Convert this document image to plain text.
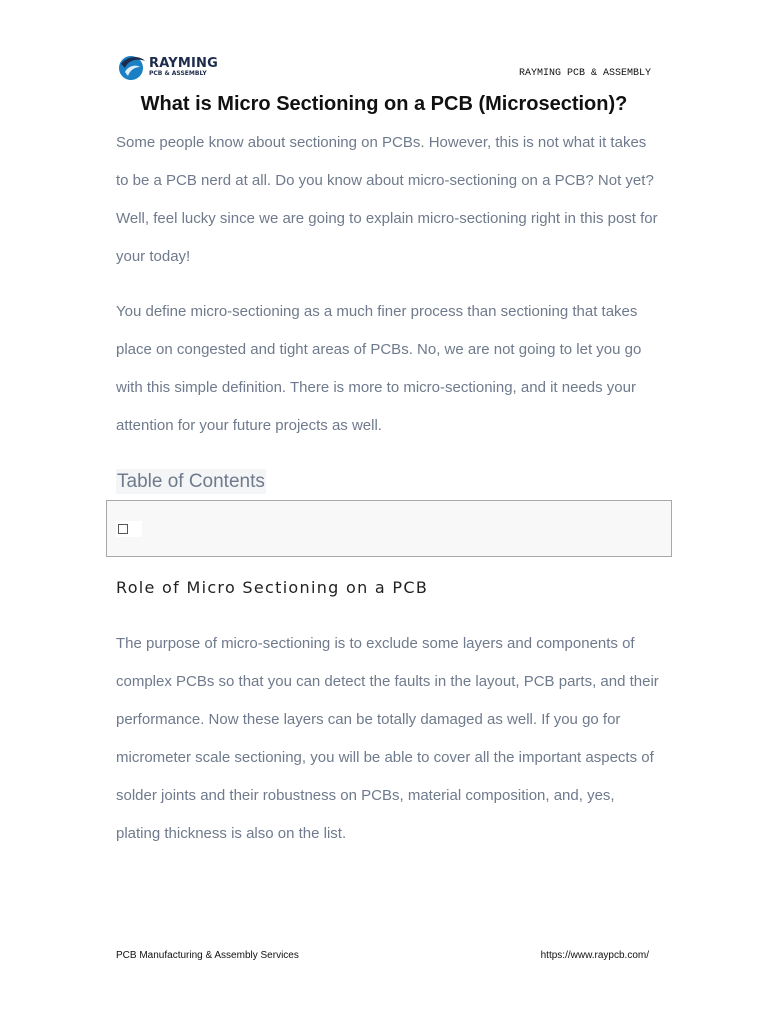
RAYMING
PCB & ASSEMBLY	RAYMING PCB & ASSEMBLY
What is Micro Sectioning on a PCB (Microsection)?

Some people know about sectioning on PCBs. However, this is not what it takes to be a PCB nerd at all. Do you know about micro-sectioning on a PCB? Not yet? Well, feel lucky since we are going to explain micro-sectioning right in this post for your today!

You define micro-sectioning as a much finer process than sectioning that takes place on congested and tight areas of PCBs. No, we are not going to let you go with this simple definition. There is more to micro-sectioning, and it needs your attention for your future projects as well.

Table of Contents
Role of Micro Sectioning on a PCB

The purpose of micro-sectioning is to exclude some layers and components of complex PCBs so that you can detect the faults in the layout, PCB parts, and their performance. Now these layers can be totally damaged as well. If you go for micrometer scale sectioning, you will be able to cover all the important aspects of solder joints and their robustness on PCBs, material composition, and, yes, plating thickness is also on the list.

PCB Manufacturing & Assembly Services	https://www.raypcb.com/
